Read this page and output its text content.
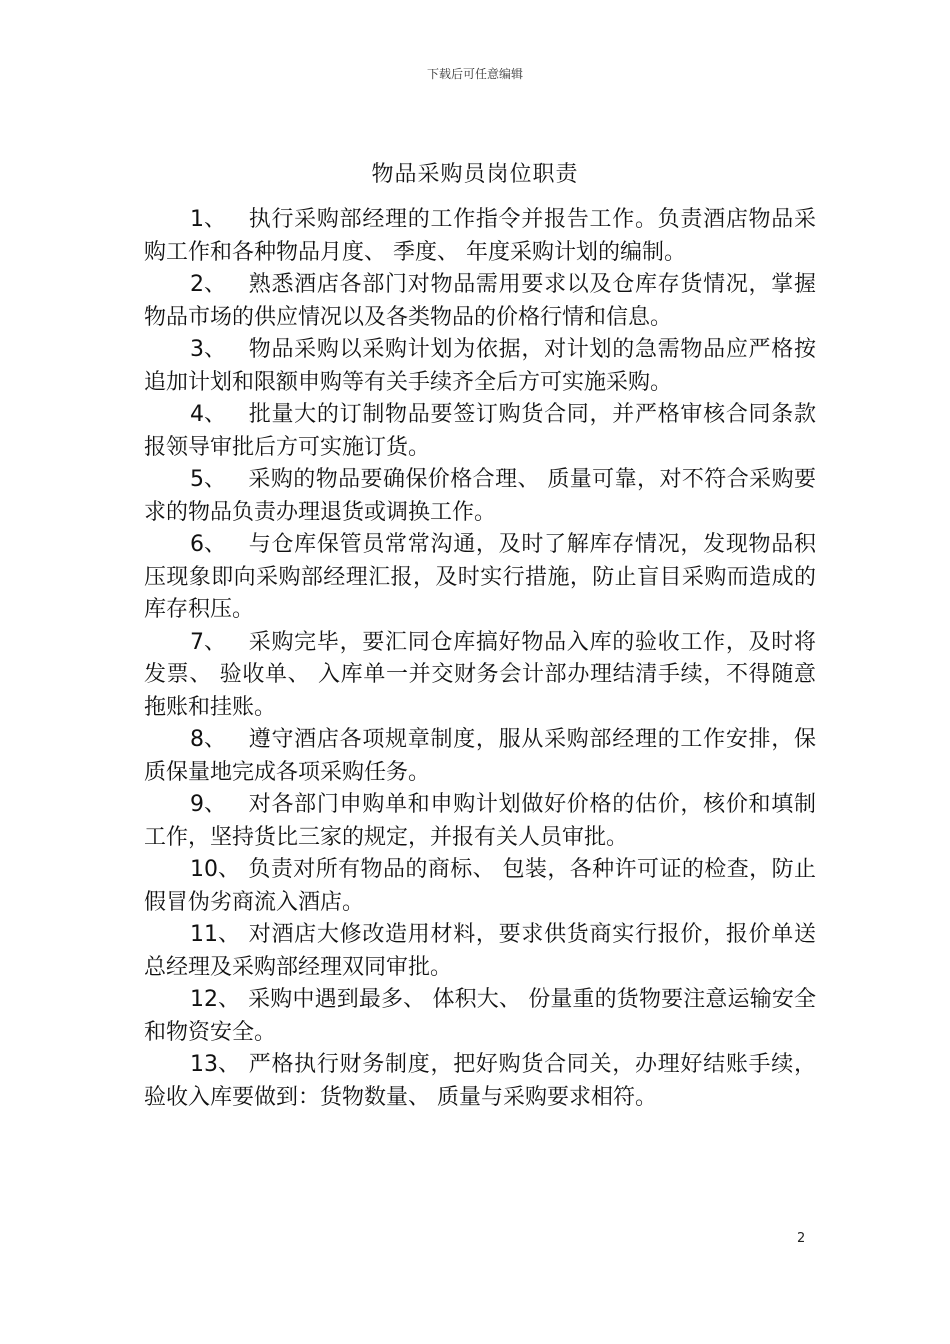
下载后可任意编辑
物品采购员岗位职责

1、 执行采购部经理的工作指令并报告工作。负责酒店物品采购工作和各种物品月度、 季度、 年度采购计划的编制。

2、 熟悉酒店各部门对物品需用要求以及仓库存货情况，掌握物品市场的供应情况以及各类物品的价格行情和信息。

3、 物品采购以采购计划为依据，对计划的急需物品应严格按追加计划和限额申购等有关手续齐全后方可实施采购。

4、 批量大的订制物品要签订购货合同，并严格审核合同条款报领导审批后方可实施订货。

5、 采购的物品要确保价格合理、 质量可靠，对不符合采购要求的物品负责办理退货或调换工作。

6、 与仓库保管员常常沟通，及时了解库存情况，发现物品积压现象即向采购部经理汇报，及时实行措施，防止盲目采购而造成的库存积压。

7、 采购完毕，要汇同仓库搞好物品入库的验收工作，及时将发票、 验收单、 入库单一并交财务会计部办理结清手续，不得随意拖账和挂账。

8、 遵守酒店各项规章制度，服从采购部经理的工作安排，保质保量地完成各项采购任务。

9、 对各部门申购单和申购计划做好价格的估价，核价和填制工作，坚持货比三家的规定，并报有关人员审批。

10、 负责对所有物品的商标、 包装，各种许可证的检查，防止假冒伪劣商流入酒店。

11、 对酒店大修改造用材料，要求供货商实行报价，报价单送总经理及采购部经理双同审批。

12、 采购中遇到最多、 体积大、 份量重的货物要注意运输安全和物资安全。

13、 严格执行财务制度，把好购货合同关，办理好结账手续， 验收入库要做到：货物数量、 质量与采购要求相符。

2
